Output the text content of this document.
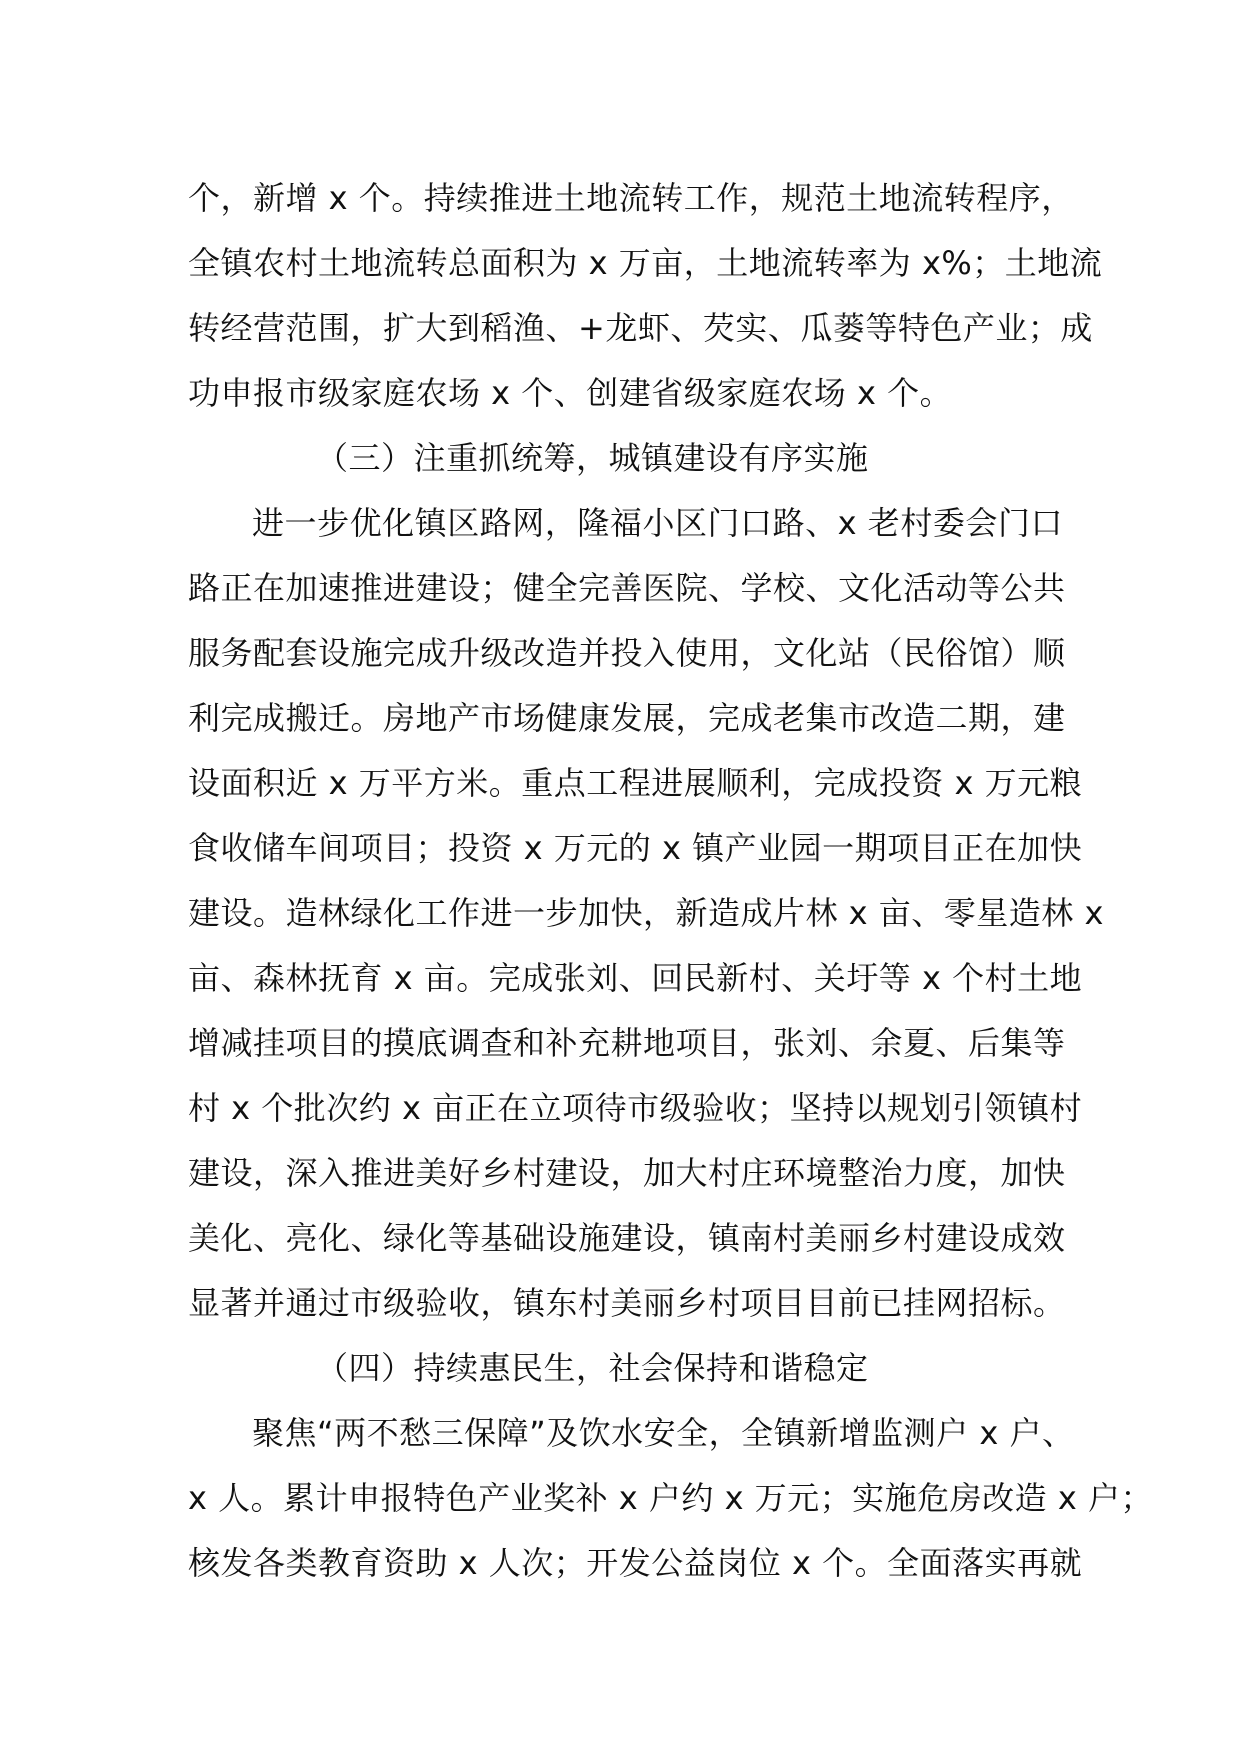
个，新增 x 个。持续推进土地流转工作，规范土地流转程序，
全镇农村土地流转总面积为 x 万亩，土地流转率为 x%；土地流
转经营范围，扩大到稻渔、+龙虾、芡实、瓜蒌等特色产业；成
功申报市级家庭农场 x 个、创建省级家庭农场 x 个。
（三）注重抓统筹，城镇建设有序实施
进一步优化镇区路网，隆福小区门口路、x 老村委会门口
路正在加速推进建设；健全完善医院、学校、文化活动等公共
服务配套设施完成升级改造并投入使用，文化站（民俗馆）顺
利完成搬迁。房地产市场健康发展，完成老集市改造二期，建
设面积近 x 万平方米。重点工程进展顺利，完成投资 x 万元粮
食收储车间项目；投资 x 万元的 x 镇产业园一期项目正在加快
建设。造林绿化工作进一步加快，新造成片林 x 亩、零星造林 x
亩、森林抚育 x 亩。完成张刘、回民新村、关圩等 x 个村土地
增减挂项目的摸底调查和补充耕地项目，张刘、余夏、后集等
村 x 个批次约 x 亩正在立项待市级验收；坚持以规划引领镇村
建设，深入推进美好乡村建设，加大村庄环境整治力度，加快
美化、亮化、绿化等基础设施建设，镇南村美丽乡村建设成效
显著并通过市级验收，镇东村美丽乡村项目目前已挂网招标。
（四）持续惠民生，社会保持和谐稳定
聚焦“两不愁三保障”及饮水安全，全镇新增监测户 x 户、
x 人。累计申报特色产业奖补 x 户约 x 万元；实施危房改造 x 户；
核发各类教育资助 x 人次；开发公益岗位 x 个。全面落实再就
